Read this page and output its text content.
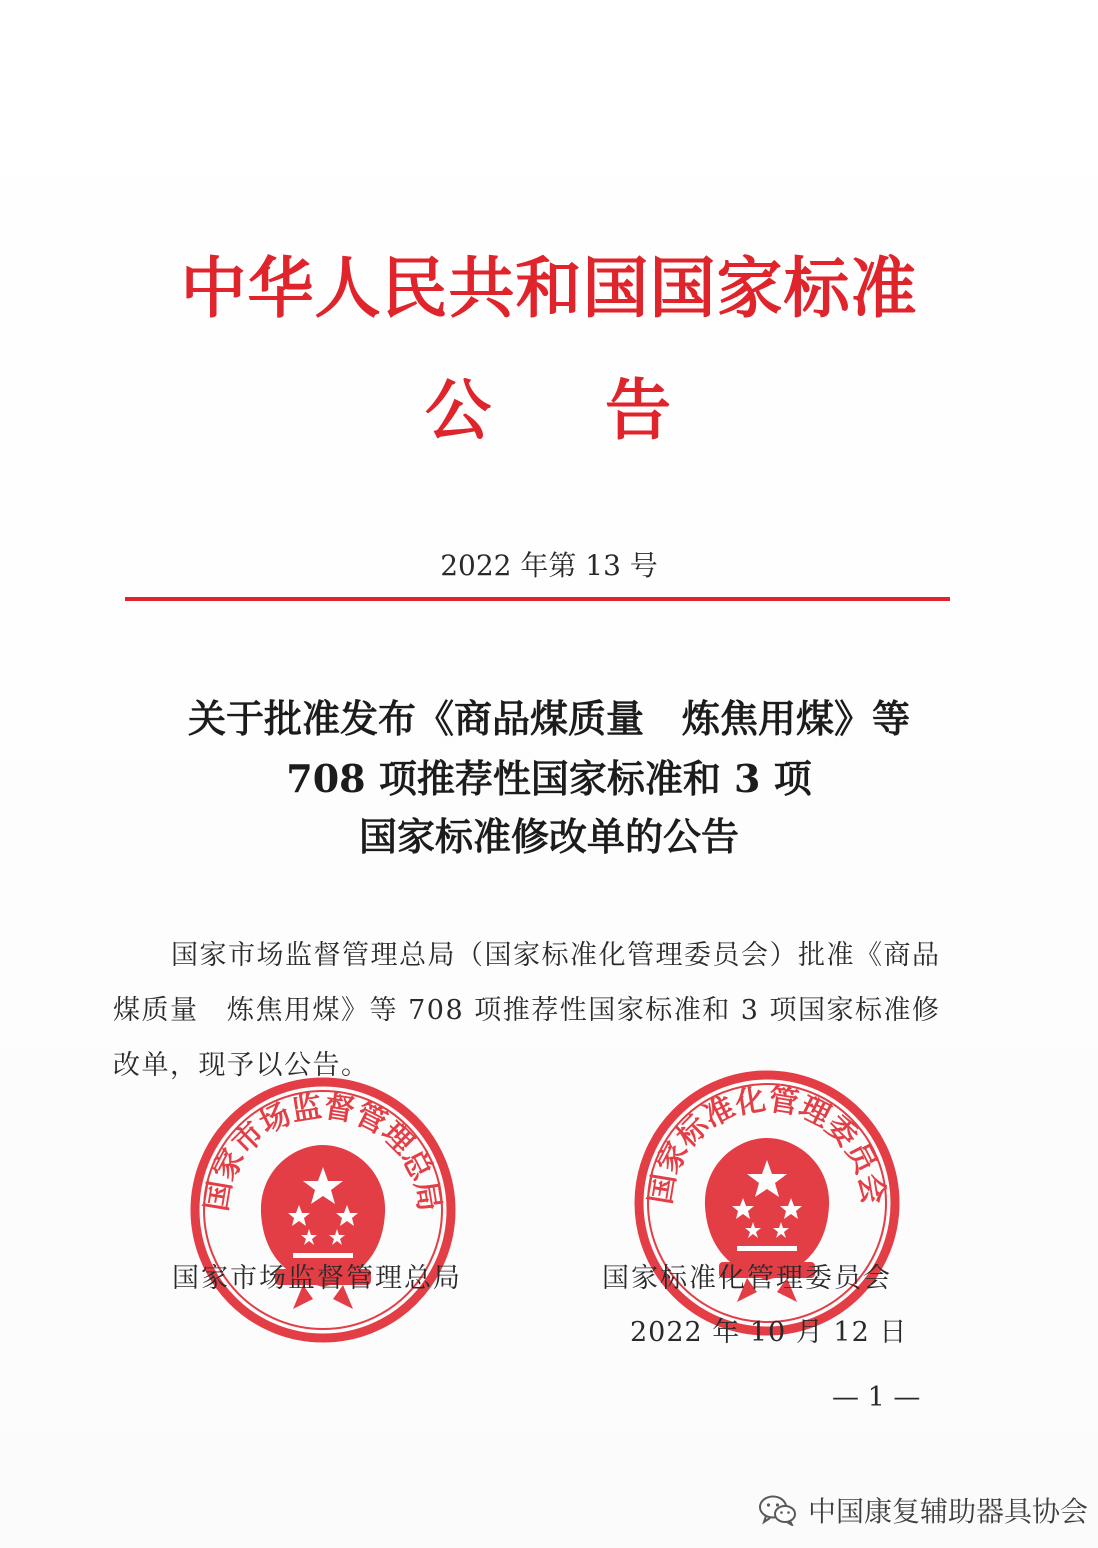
中华人民共和国国家标准
公 告
2022 年第 13 号
关于批准发布《商品煤质量　炼焦用煤》等
708 项推荐性国家标准和 3 项
国家标准修改单的公告

国家市场监督管理总局（国家标准化管理委员会）批准《商品煤质量　炼焦用煤》等 708 项推荐性国家标准和 3 项国家标准修改单，现予以公告。

国家市场监督管理总局	国家标准化管理委员会
国家市场监督管理总局	国家标准化管理委员会
2022 年 10 月 12 日
— 1 —
中国康复辅助器具协会
